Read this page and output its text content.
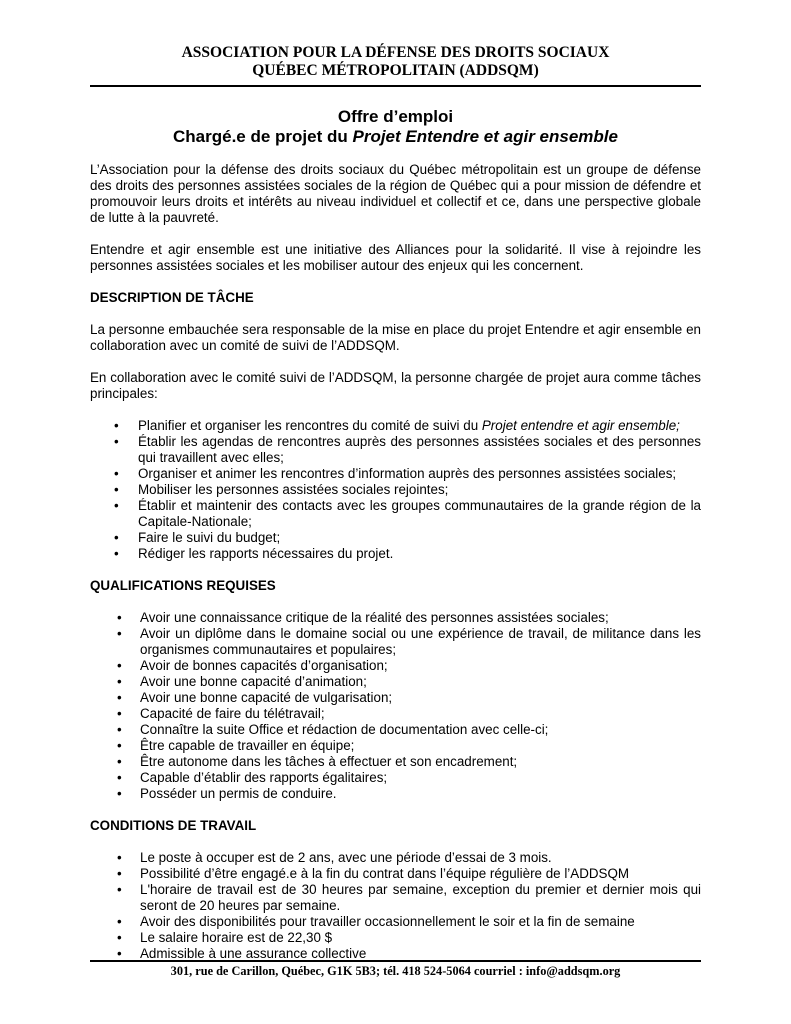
ASSOCIATION POUR LA DÉFENSE DES DROITS SOCIAUX
QUÉBEC MÉTROPOLITAIN (ADDSQM)
Offre d’emploi
Chargé.e de projet du Projet Entendre et agir ensemble

L’Association pour la défense des droits sociaux du Québec métropolitain est un groupe de défense des droits des personnes assistées sociales de la région de Québec qui a pour mission de défendre et promouvoir leurs droits et intérêts au niveau individuel et collectif et ce, dans une perspective globale de lutte à la pauvreté.

Entendre et agir ensemble est une initiative des Alliances pour la solidarité. Il vise à rejoindre les personnes assistées sociales et les mobiliser autour des enjeux qui les concernent.

DESCRIPTION DE TÂCHE

La personne embauchée sera responsable de la mise en place du projet Entendre et agir ensemble en collaboration avec un comité de suivi de l’ADDSQM.

En collaboration avec le comité suivi de l’ADDSQM, la personne chargée de projet aura comme tâches principales:

• Planifier et organiser les rencontres du comité de suivi du Projet entendre et agir ensemble;
• Établir les agendas de rencontres auprès des personnes assistées sociales et des personnes qui travaillent avec elles;
• Organiser et animer les rencontres d’information auprès des personnes assistées sociales;
• Mobiliser les personnes assistées sociales rejointes;
• Établir et maintenir des contacts avec les groupes communautaires de la grande région de la Capitale-Nationale;
• Faire le suivi du budget;
• Rédiger les rapports nécessaires du projet.
QUALIFICATIONS REQUISES
• Avoir une connaissance critique de la réalité des personnes assistées sociales;
• Avoir un diplôme dans le domaine social ou une expérience de travail, de militance dans les organismes communautaires et populaires;
• Avoir de bonnes capacités d’organisation;
• Avoir une bonne capacité d’animation;
• Avoir une bonne capacité de vulgarisation;
• Capacité de faire du télétravail;
• Connaître la suite Office et rédaction de documentation avec celle-ci;
• Être capable de travailler en équipe;
• Être autonome dans les tâches à effectuer et son encadrement;
• Capable d’établir des rapports égalitaires;
• Posséder un permis de conduire.
CONDITIONS DE TRAVAIL
• Le poste à occuper est de 2 ans, avec une période d’essai de 3 mois.
• Possibilité d’être engagé.e à la fin du contrat dans l’équipe régulière de l’ADDSQM
• L'horaire de travail est de 30 heures par semaine, exception du premier et dernier mois qui seront de 20 heures par semaine.
• Avoir des disponibilités pour travailler occasionnellement le soir et la fin de semaine
• Le salaire horaire est de 22,30 $
• Admissible à une assurance collective
301, rue de Carillon, Québec, G1K 5B3; tél. 418 524-5064 courriel : info@addsqm.org
